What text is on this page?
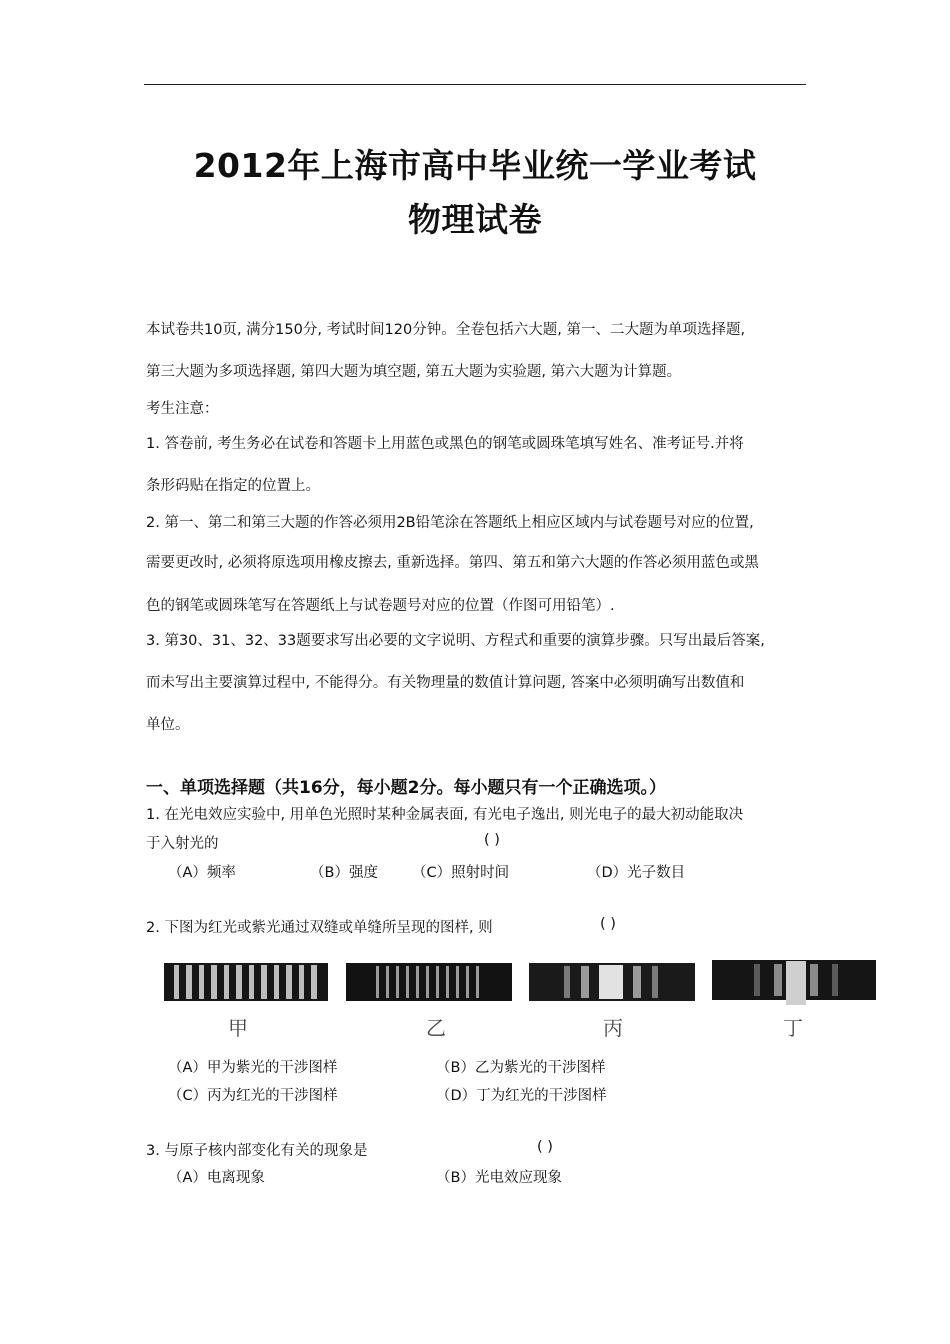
2012年上海市高中毕业统一学业考试
物理试卷
本试卷共10页, 满分150分, 考试时间120分钟。全卷包括六大题, 第一、二大题为单项选择题,
第三大题为多项选择题, 第四大题为填空题, 第五大题为实验题, 第六大题为计算题。
考生注意：
1. 答卷前, 考生务必在试卷和答题卡上用蓝色或黑色的钢笔或圆珠笔填写姓名、准考证号.并将
条形码贴在指定的位置上。
2. 第一、第二和第三大题的作答必须用2B铅笔涂在答题纸上相应区域内与试卷题号对应的位置,
需要更改时, 必须将原选项用橡皮擦去, 重新选择。第四、第五和第六大题的作答必须用蓝色或黑
色的钢笔或圆珠笔写在答题纸上与试卷题号对应的位置（作图可用铅笔）.
3. 第30、31、32、33题要求写出必要的文字说明、方程式和重要的演算步骤。只写出最后答案,
而未写出主要演算过程中, 不能得分。有关物理量的数值计算问题, 答案中必须明确写出数值和
单位。
一、单项选择题（共16分，每小题2分。每小题只有一个正确选项。）
1. 在光电效应实验中, 用单色光照时某种金属表面, 有光电子逸出, 则光电子的最大初动能取决
于入射光的	( )
（A）频率	（B）强度 （C）照射时间	（D）光子数目
2. 下图为红光或紫光通过双缝或单缝所呈现的图样, 则	( )
甲	乙	丙	丁
（A）甲为紫光的干涉图样	（B）乙为紫光的干涉图样
（C）丙为红光的干涉图样	（D）丁为红光的干涉图样
3. 与原子核内部变化有关的现象是	( )
（A）电离现象	（B）光电效应现象
